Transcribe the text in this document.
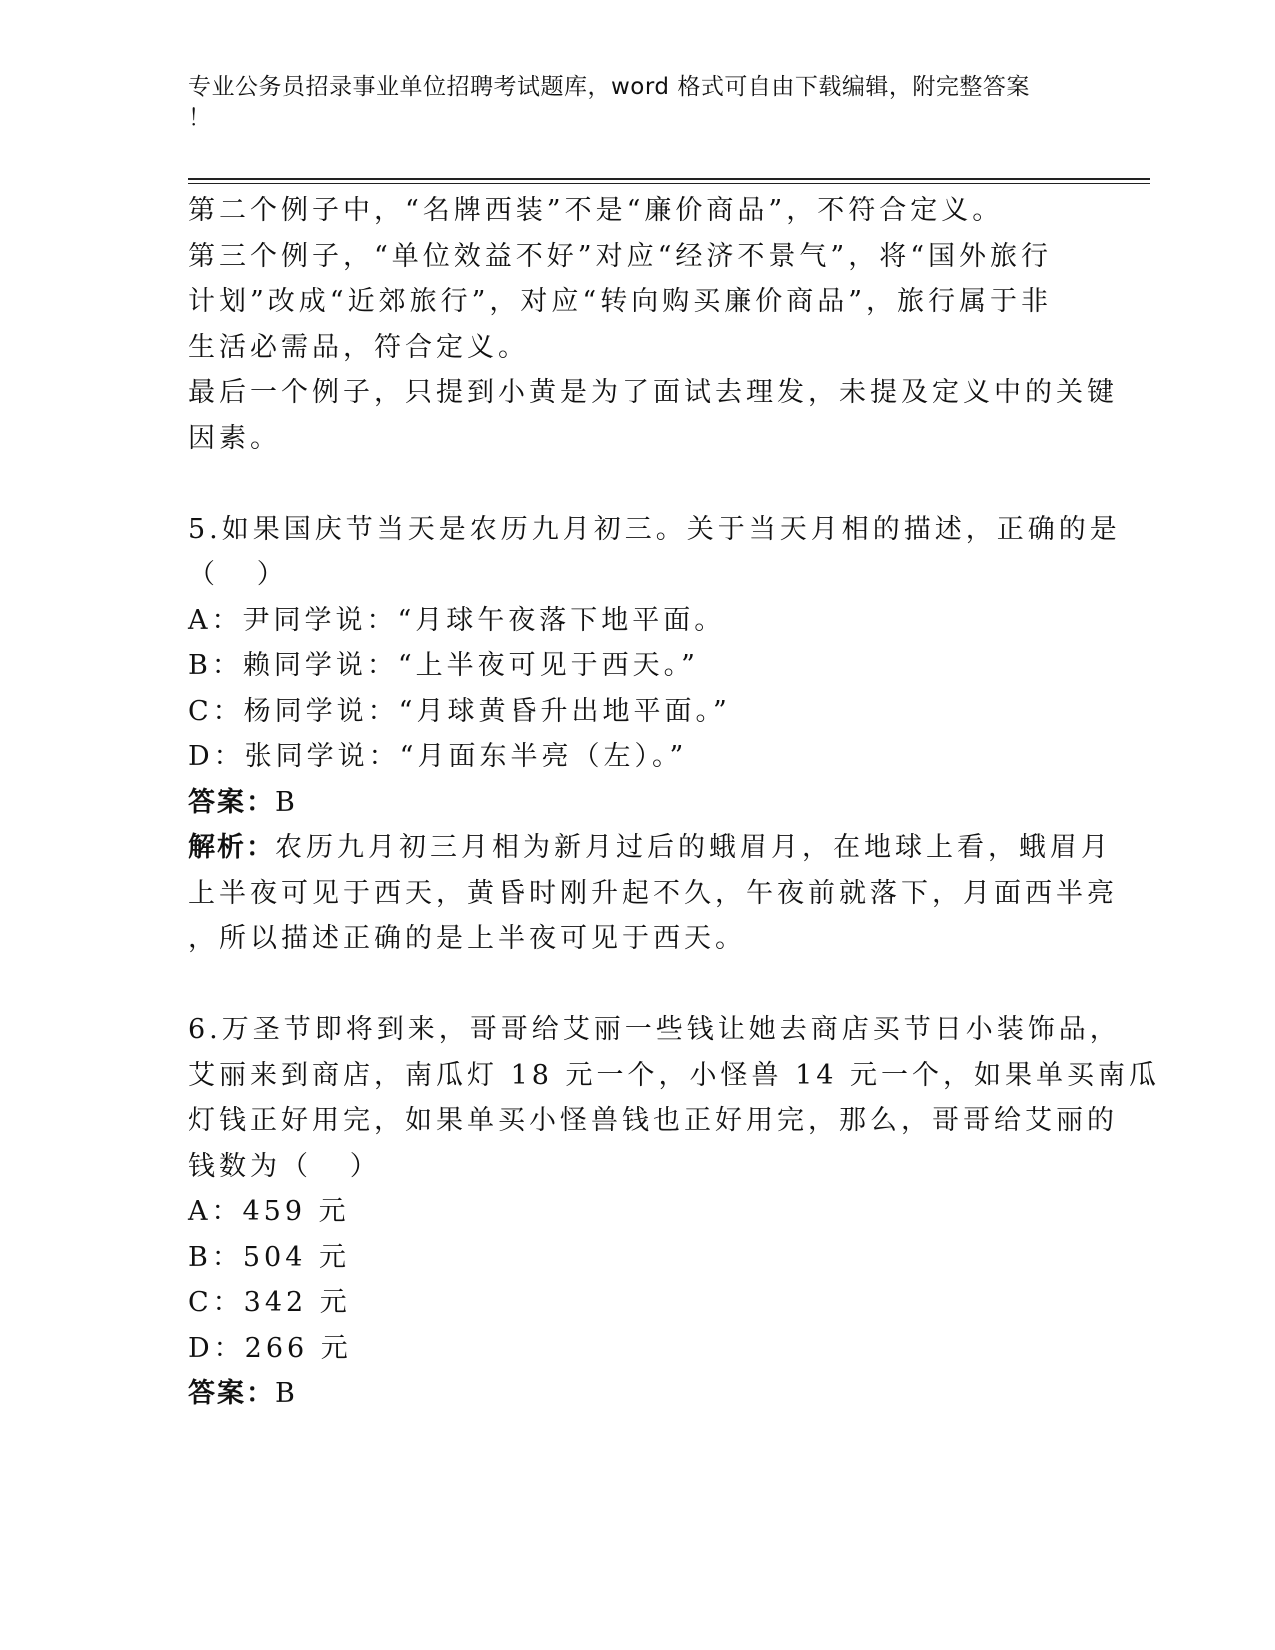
专业公务员招录事业单位招聘考试题库，word 格式可自由下载编辑，附完整答案
！
第二个例子中，“名牌西装”不是“廉价商品”，不符合定义。
第三个例子，“单位效益不好”对应“经济不景气”，将“国外旅行
计划”改成“近郊旅行”，对应“转向购买廉价商品”，旅行属于非
生活必需品，符合定义。
最后一个例子，只提到小黄是为了面试去理发，未提及定义中的关键
因素。
5.如果国庆节当天是农历九月初三。关于当天月相的描述，正确的是
（   ）
A：尹同学说：“月球午夜落下地平面。
B：赖同学说：“上半夜可见于西天。”
C：杨同学说：“月球黄昏升出地平面。”
D：张同学说：“月面东半亮（左）。”
答案：B
解析：农历九月初三月相为新月过后的蛾眉月，在地球上看，蛾眉月
上半夜可见于西天，黄昏时刚升起不久，午夜前就落下，月面西半亮
，所以描述正确的是上半夜可见于西天。
6.万圣节即将到来，哥哥给艾丽一些钱让她去商店买节日小装饰品，
艾丽来到商店，南瓜灯 18 元一个，小怪兽 14 元一个，如果单买南瓜
灯钱正好用完，如果单买小怪兽钱也正好用完，那么，哥哥给艾丽的
钱数为（   ）
A：459 元
B：504 元
C：342 元
D：266 元
答案：B
